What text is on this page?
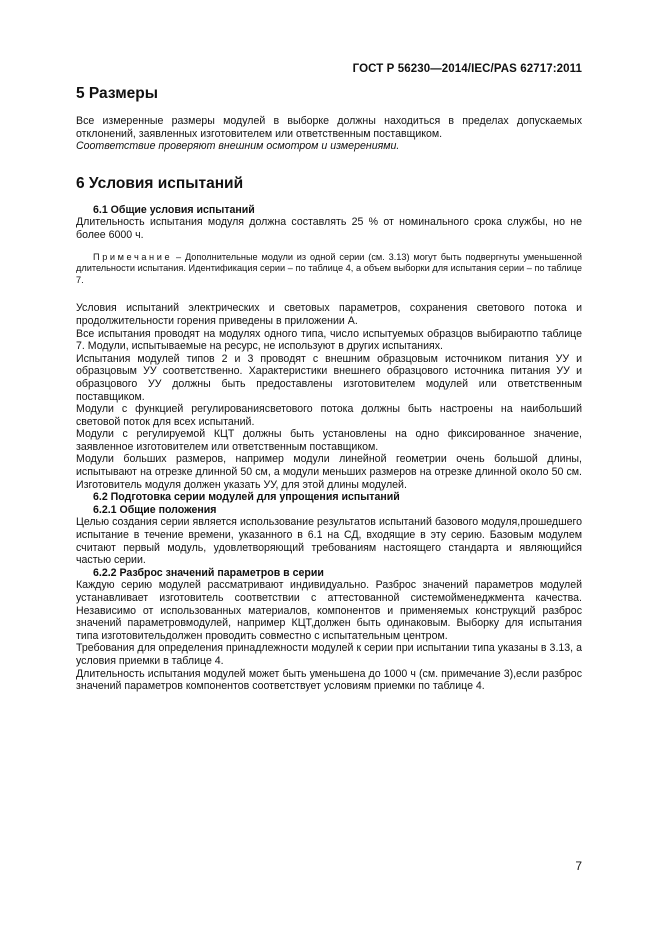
ГОСТ Р 56230—2014/IEC/PAS 62717:2011
5 Размеры

Все измеренные размеры модулей в выборке должны находиться в пределах допускаемых отклонений, заявленных изготовителем или ответственным поставщиком.

Соответствие проверяют внешним осмотром и измерениями.

6 Условия испытаний

6.1 Общие условия испытаний

Длительность испытания модуля должна составлять 25 % от номинального срока службы, но не более 6000 ч.

Примечание – Дополнительные модули из одной серии (см. 3.13) могут быть подвергнуты уменьшенной длительности испытания. Идентификация серии – по таблице 4, а объем выборки для испытания серии – по таблице 7.

Условия испытаний электрических и световых параметров, сохранения светового потока и продолжительности горения приведены в приложении А.

Все испытания проводят на модулях одного типа, число испытуемых образцов выбираютпо таблице 7. Модули, испытываемые на ресурс, не используют в других испытаниях.

Испытания модулей типов 2 и 3 проводят с внешним образцовым источником питания УУ и образцовым УУ соответственно. Характеристики внешнего образцового источника питания УУ и образцового УУ должны быть предоставлены изготовителем модулей или ответственным поставщиком.

Модули с функцией регулированиясветового потока должны быть настроены на наибольший световой поток для всех испытаний.

Модули с регулируемой КЦТ должны быть установлены на одно фиксированное значение, заявленное изготовителем или ответственным поставщиком.

Модули больших размеров, например модули линейной геометрии очень большой длины, испытывают на отрезке длинной 50 см, а модули меньших размеров на отрезке длинной около 50 см. Изготовитель модуля должен указать УУ, для этой длины модулей.

6.2 Подготовка серии модулей для упрощения испытаний

6.2.1 Общие положения

Целью создания серии является использование результатов испытаний базового модуля,прошедшего испытание в течение времени, указанного в 6.1 на СД, входящие в эту серию. Базовым модулем считают первый модуль, удовлетворяющий требованиям настоящего стандарта и являющийся частью серии.

6.2.2 Разброс значений параметров в серии

Каждую серию модулей рассматривают индивидуально. Разброс значений параметров модулей устанавливает изготовитель соответствии с аттестованной системойменеджмента качества. Независимо от использованных материалов, компонентов и применяемых конструкций разброс значений параметровмодулей, например КЦТ,должен быть одинаковым. Выборку для испытания типа изготовительдолжен проводить совместно с испытательным центром.

Требования для определения принадлежности модулей к серии при испытании типа указаны в 3.13, а условия приемки в таблице 4.

Длительность испытания модулей может быть уменьшена до 1000 ч (см. примечание 3),если разброс значений параметров компонентов соответствует условиям приемки по таблице 4.

7
